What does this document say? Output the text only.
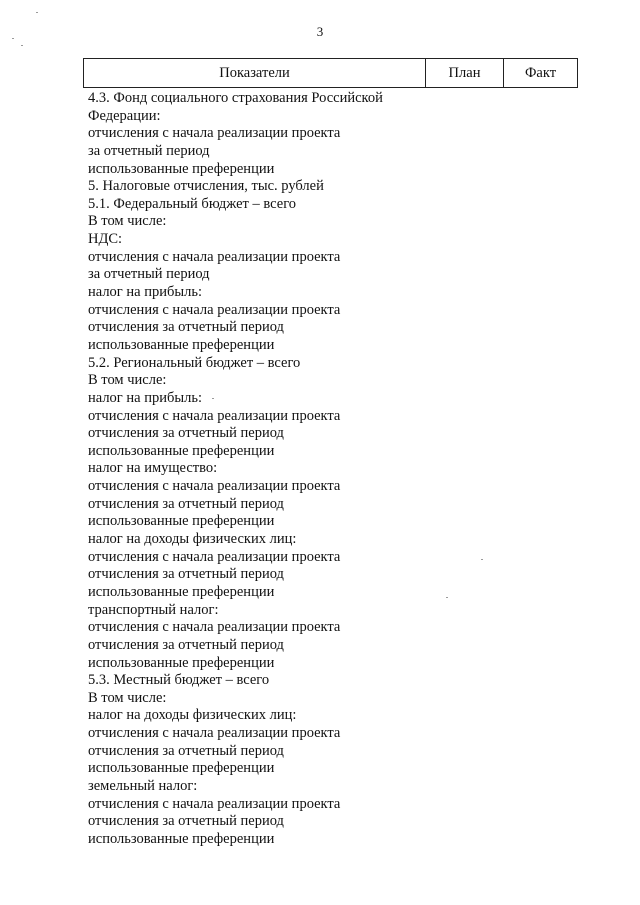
3
Показатели	План	Факт
4.3. Фонд социального страхования Российской
Федерации:
отчисления с начала реализации проекта
за отчетный период
использованные преференции
5. Налоговые отчисления, тыс. рублей
5.1. Федеральный бюджет – всего
В том числе:
НДС:
отчисления с начала реализации проекта
за отчетный период
налог на прибыль:
отчисления с начала реализации проекта
отчисления за отчетный период
использованные преференции
5.2. Региональный бюджет – всего
В том числе:
налог на прибыль:
отчисления с начала реализации проекта
отчисления за отчетный период
использованные преференции
налог на имущество:
отчисления с начала реализации проекта
отчисления за отчетный период
использованные преференции
налог на доходы физических лиц:
отчисления с начала реализации проекта
отчисления за отчетный период
использованные преференции
транспортный налог:
отчисления с начала реализации проекта
отчисления за отчетный период
использованные преференции
5.3. Местный бюджет – всего
В том числе:
налог на доходы физических лиц:
отчисления с начала реализации проекта
отчисления за отчетный период
использованные преференции
земельный налог:
отчисления с начала реализации проекта
отчисления за отчетный период
использованные преференции
